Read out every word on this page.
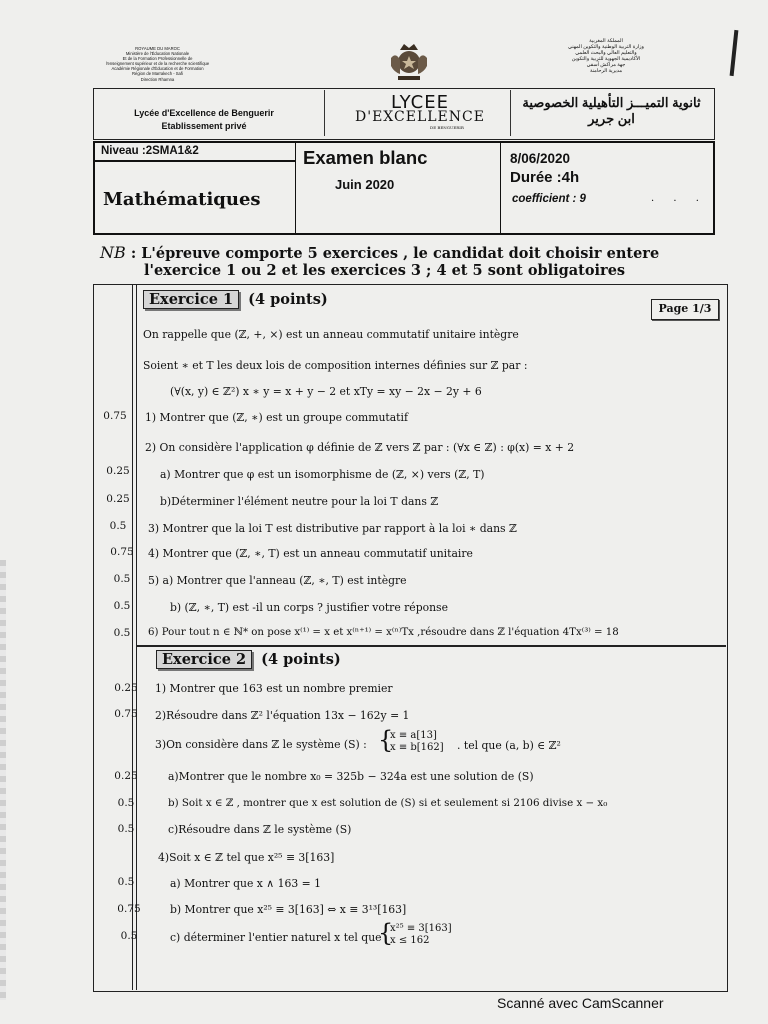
ROYAUME DU MAROC
Ministère de l'Éducation Nationale
Et de la Formation Professionnelle de
l'enseignement supérieur et de la recherche scientifique
Académie Régionale d'Éducation et de Formation
Région de Marrakech - Safi
Direction Rhamna
المملكة المغربية
وزارة التربية الوطنية والتكوين المهني
والتعليم العالي والبحث العلمي
الأكاديمية الجهوية للتربية والتكوين
جهة مراكش آسفي
مديرية الرحامنة
Lycée d'Excellence de Benguerir
Etablissement privé
LYCEE
D'EXCELLENCE
DE BENGUERIR
ثانوية التميـــز التأهيلية الخصوصية
ابن جرير
Niveau :2SMA1&2
Mathématiques
Examen blanc
Juin 2020
8/06/2020
Durée :4h
coefficient : 9	· · ·
NB : L'épreuve comporte 5 exercices , le candidat doit choisir entere
l'exercice 1 ou 2 et les exercices 3 ; 4 et 5 sont obligatoires
Exercice 1 (4 points)
Page 1/3
On rappelle que (ℤ, +, ×) est un anneau commutatif unitaire intègre
Soient ∗ et T les deux lois de composition internes définies sur ℤ par :
(∀(x, y) ∈ ℤ²) x ∗ y = x + y − 2 et xTy = xy − 2x − 2y + 6
0.75	1) Montrer que (ℤ, ∗) est un groupe commutatif
2) On considère l'application φ définie de ℤ vers ℤ par : (∀x ∈ ℤ) : φ(x) = x + 2
0.25	a) Montrer que φ est un isomorphisme de (ℤ, ×) vers (ℤ, T)
0.25	b)Déterminer l'élément neutre pour la loi T dans ℤ
0.5	3) Montrer que la loi T est distributive par rapport à la loi ∗ dans ℤ
0.75	4) Montrer que (ℤ, ∗, T) est un anneau commutatif unitaire
0.5	5) a) Montrer que l'anneau (ℤ, ∗, T) est intègre
0.5	b) (ℤ, ∗, T) est -il un corps ? justifier votre réponse
0.5	6) Pour tout n ∈ ℕ* on pose x⁽¹⁾ = x et x⁽ⁿ⁺¹⁾ = x⁽ⁿ⁾Tx ,résoudre dans ℤ l'équation 4Tx⁽³⁾ = 18
Exercice 2 (4 points)
0.25	1) Montrer que 163 est un nombre premier
0.75	2)Résoudre dans ℤ² l'équation 13x − 162y = 1
3)On considère dans ℤ le système (S) : {
x ≡ a[13]
x ≡ b[162] . tel que (a, b) ∈ ℤ²
0.25	a)Montrer que le nombre x₀ = 325b − 324a est une solution de (S)
0.5	b) Soit x ∈ ℤ , montrer que x est solution de (S) si et seulement si 2106 divise x − x₀
0.5	c)Résoudre dans ℤ le système (S)
4)Soit x ∈ ℤ tel que x²⁵ ≡ 3[163]
0.5	a) Montrer que x ∧ 163 = 1
0.75	b) Montrer que x²⁵ ≡ 3[163] ⇔ x ≡ 3¹³[163]
0.5	c) déterminer l'entier naturel x tel que
{
x²⁵ ≡ 3[163]
x ≤ 162
Scanné avec CamScanner
